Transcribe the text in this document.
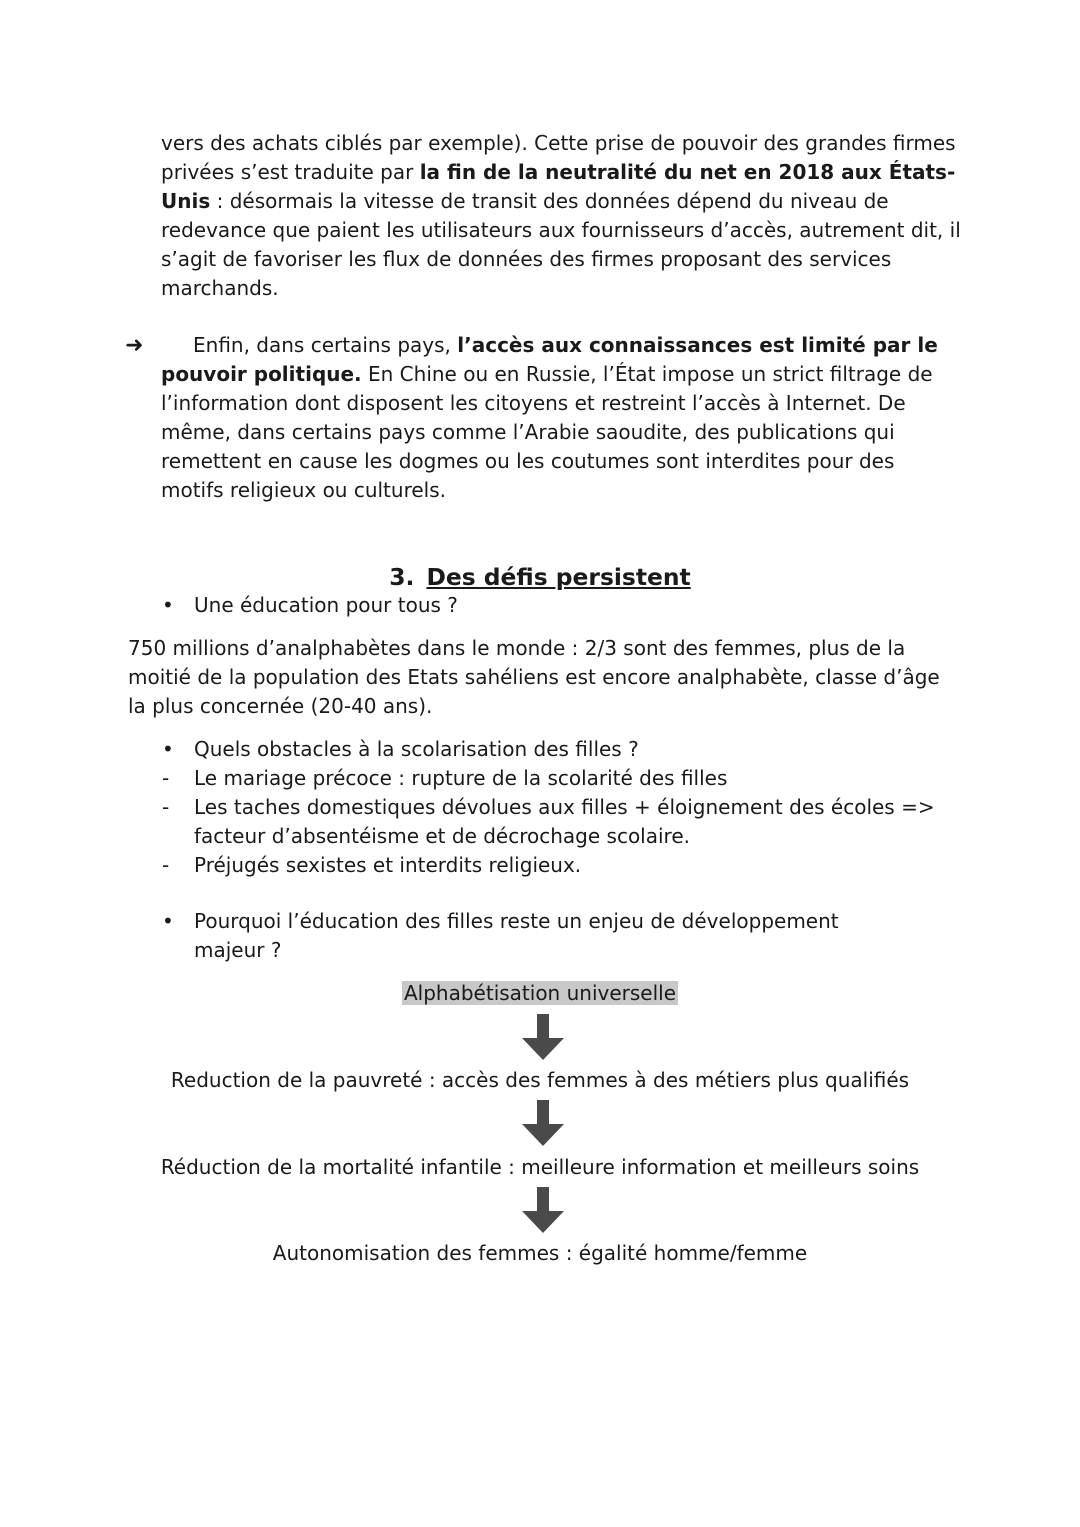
vers des achats ciblés par exemple). Cette prise de pouvoir des grandes firmes privées s’est traduite par la fin de la neutralité du net en 2018 aux États-Unis : désormais la vitesse de transit des données dépend du niveau de redevance que paient les utilisateurs aux fournisseurs d’accès, autrement dit, il s’agit de favoriser les flux de données des firmes proposant des services marchands.

➜	Enfin, dans certains pays, l’accès aux connaissances est limité par le pouvoir politique. En Chine ou en Russie, l’État impose un strict filtrage de l’information dont disposent les citoyens et restreint l’accès à Internet. De même, dans certains pays comme l’Arabie saoudite, des publications qui remettent en cause les dogmes ou les coutumes sont interdites pour des motifs religieux ou culturels.

3. Des défis persistent
• Une éducation pour tous ?

750 millions d’analphabètes dans le monde : 2/3 sont des femmes, plus de la moitié de la population des Etats sahéliens est encore analphabète, classe d’âge la plus concernée (20-40 ans).

• Quels obstacles à la scolarisation des filles ?
- Le mariage précoce : rupture de la scolarité des filles
- Les taches domestiques dévolues aux filles + éloignement des écoles => facteur d’absentéisme et de décrochage scolaire.
- Préjugés sexistes et interdits religieux.
• Pourquoi l’éducation des filles reste un enjeu de développement majeur ?

Alphabétisation universelle

Reduction de la pauvreté : accès des femmes à des métiers plus qualifiés

Réduction de la mortalité infantile : meilleure information et meilleurs soins

Autonomisation des femmes : égalité homme/femme
